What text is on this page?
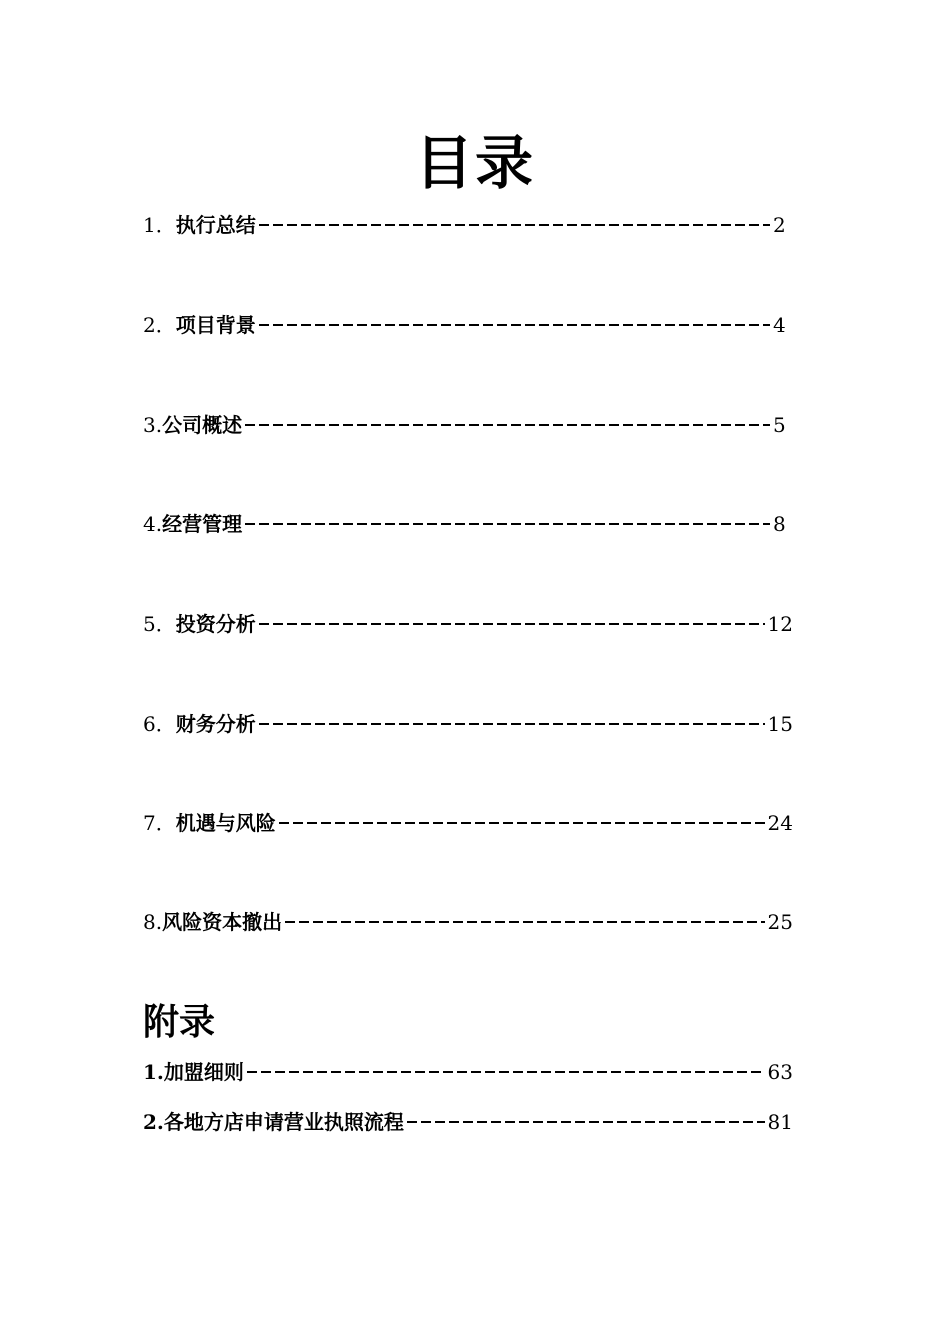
目录
1． 执行总结	2
2． 项目背景	4
3. 公司概述	5
4. 经营管理	8
5． 投资分析	12
6． 财务分析	15
7． 机遇与风险	24
8. 风险资本撤出	25
附录
1. 加盟细则	63
2. 各地方店申请营业执照流程	81
